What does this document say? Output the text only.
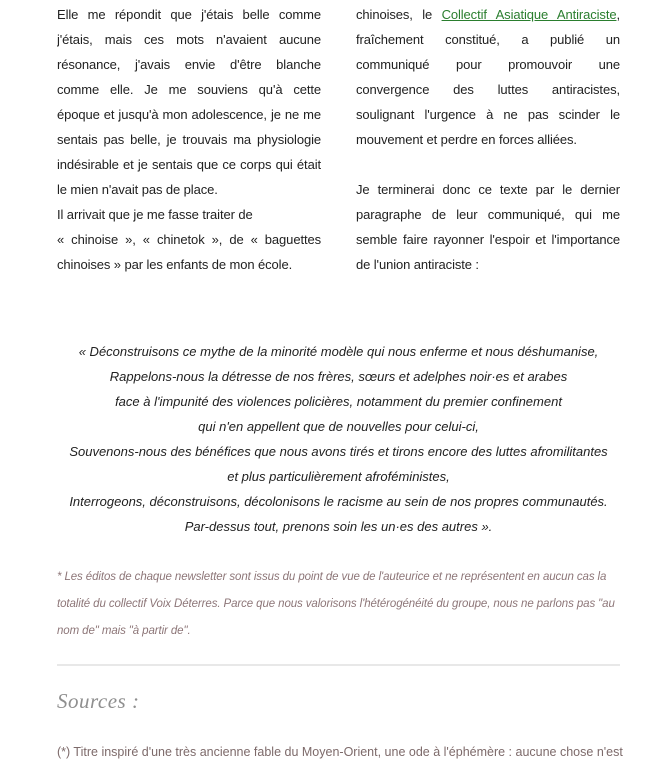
Elle me répondit que j'étais belle comme
j'étais, mais ces mots n'avaient aucune
résonance, j'avais envie d'être blanche
comme elle. Je me souviens qu'à cette
époque et jusqu'à mon adolescence, je ne me
sentais pas belle, je trouvais ma physiologie
indésirable et je sentais que ce corps qui était
le mien n'avait pas de place.
Il arrivait que je me fasse traiter de
« chinoise », « chinetok », de « baguettes
chinoises » par les enfants de mon école.
chinoises, le Collectif Asiatique Antiraciste,
fraîchement constitué, a publié un
communiqué pour promouvoir une
convergence des luttes antiracistes,
soulignant l'urgence à ne pas scinder le
mouvement et perdre en forces alliées.
Je terminerai donc ce texte par le dernier
paragraphe de leur communiqué, qui me
semble faire rayonner l'espoir et l'importance
de l'union antiraciste :
« Déconstruisons ce mythe de la minorité modèle qui nous enferme et nous déshumanise,
Rappelons-nous la détresse de nos frères, sœurs et adelphes noir·es et arabes
face à l'impunité des violences policières, notamment du premier confinement
qui n'en appellent que de nouvelles pour celui-ci,
Souvenons-nous des bénéfices que nous avons tirés et tirons encore des luttes afromilitantes
et plus particulièrement afroféministes,
Interrogeons, déconstruisons, décolonisons le racisme au sein de nos propres communautés.
Par-dessus tout, prenons soin les un·es des autres ».
* Les éditos de chaque newsletter sont issus du point de vue de l'auteurice et ne représentent en aucun cas la
totalité du collectif Voix Déterres. Parce que nous valorisons l'hétérogénéité du groupe, nous ne parlons pas "au
nom de" mais "à partir de".
Sources :
(*) Titre inspiré d'une très ancienne fable du Moyen-Orient, une ode à l'éphémère : aucune chose n'est
